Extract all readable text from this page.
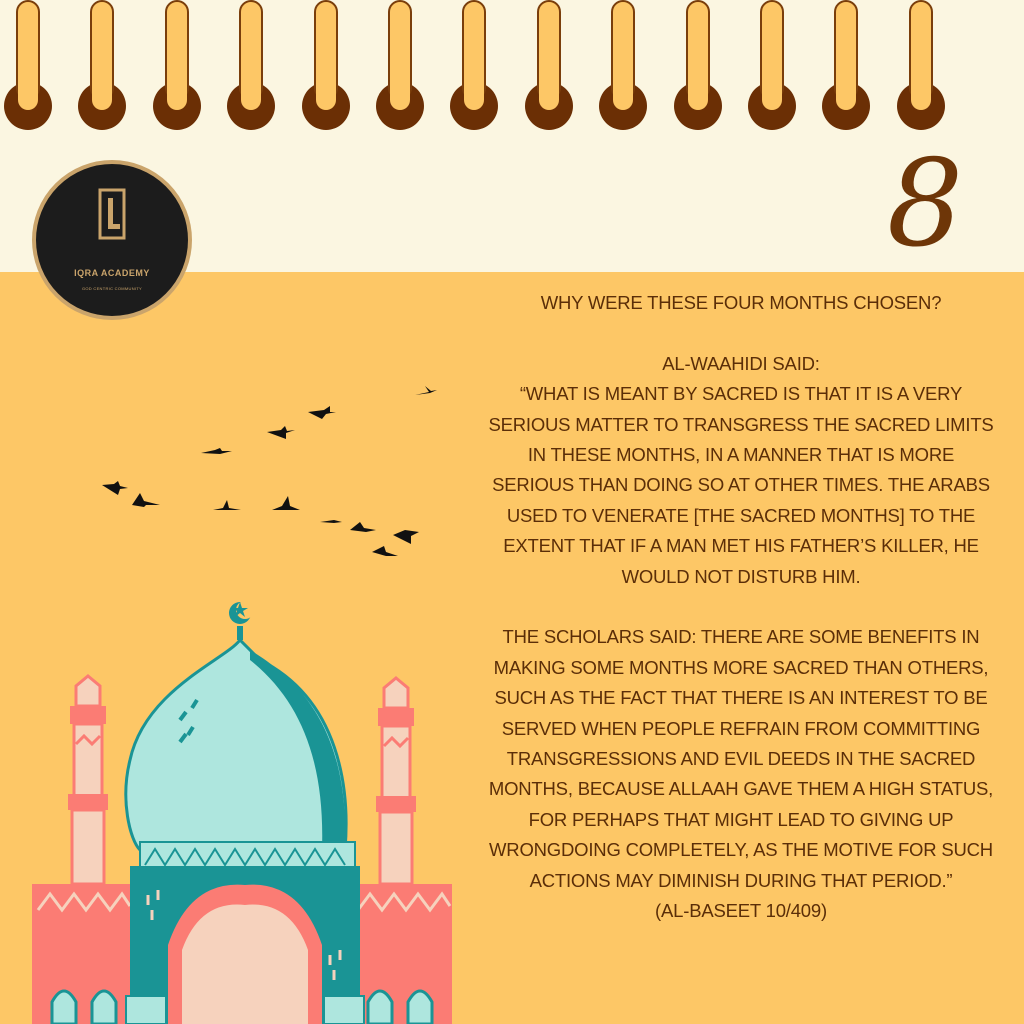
8
IQRA ACADEMY
GOD CENTRIC COMMUNITY

WHY WERE THESE FOUR MONTHS CHOSEN?

AL-WAAHIDI SAID:

“WHAT IS MEANT BY SACRED IS THAT IT IS A VERY SERIOUS MATTER TO TRANSGRESS THE SACRED LIMITS IN THESE MONTHS, IN A MANNER THAT IS MORE SERIOUS THAN DOING SO AT OTHER TIMES. THE ARABS USED TO VENERATE [THE SACRED MONTHS] TO THE EXTENT THAT IF A MAN MET HIS FATHER’S KILLER, HE WOULD NOT DISTURB HIM.

THE SCHOLARS SAID: THERE ARE SOME BENEFITS IN MAKING SOME MONTHS MORE SACRED THAN OTHERS, SUCH AS THE FACT THAT THERE IS AN INTEREST TO BE SERVED WHEN PEOPLE REFRAIN FROM COMMITTING TRANSGRESSIONS AND EVIL DEEDS IN THE SACRED MONTHS, BECAUSE ALLAAH GAVE THEM A HIGH STATUS, FOR PERHAPS THAT MIGHT LEAD TO GIVING UP WRONGDOING COMPLETELY, AS THE MOTIVE FOR SUCH ACTIONS MAY DIMINISH DURING THAT PERIOD.”

(AL-BASEET 10/409)
